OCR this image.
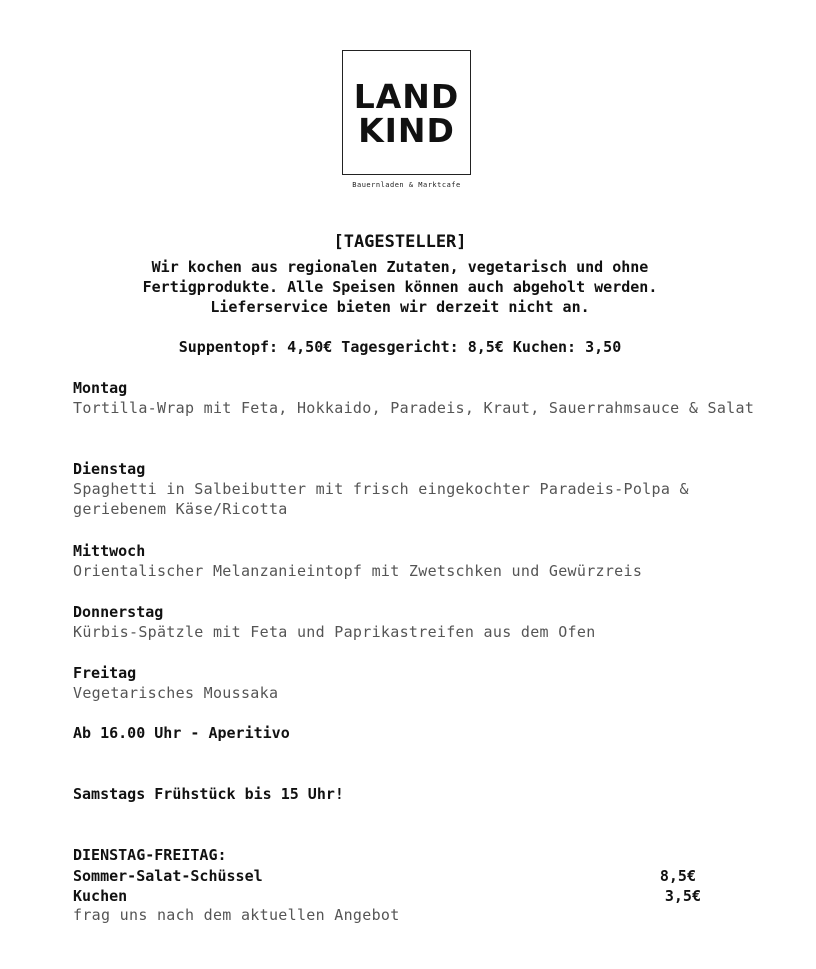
LAND
KIND
Bauernladen & Marktcafe
[TAGESTELLER]
Wir kochen aus regionalen Zutaten, vegetarisch und ohne
Fertigprodukte. Alle Speisen können auch abgeholt werden.
Lieferservice bieten wir derzeit nicht an.
Suppentopf: 4,50€ Tagesgericht: 8,5€ Kuchen: 3,50
Montag
Tortilla-Wrap mit Feta, Hokkaido, Paradeis, Kraut, Sauerrahmsauce & Salat
Dienstag
Spaghetti in Salbeibutter mit frisch eingekochter Paradeis-Polpa & geriebenem Käse/Ricotta
Mittwoch
Orientalischer Melanzanieintopf mit Zwetschken und Gewürzreis
Donnerstag
Kürbis-Spätzle mit Feta und Paprikastreifen aus dem Ofen
Freitag
Vegetarisches Moussaka
Ab 16.00 Uhr - Aperitivo
Samstags Frühstück bis 15 Uhr!
DIENSTAG-FREITAG:
Sommer-Salat-Schüssel	8,5€
Kuchen	3,5€
frag uns nach dem aktuellen Angebot
